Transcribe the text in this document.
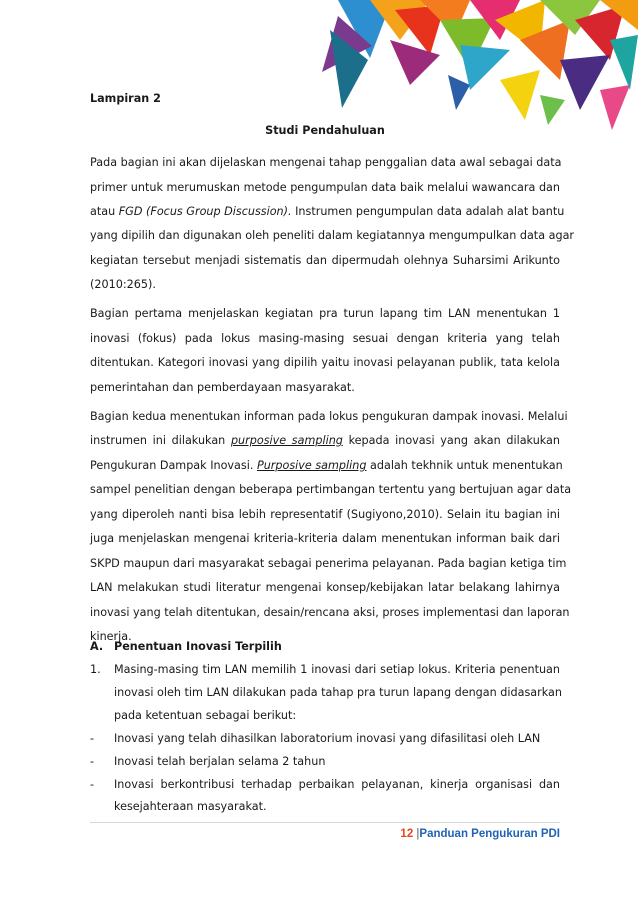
Lampiran 2
Studi Pendahuluan
Pada bagian ini akan dijelaskan mengenai tahap penggalian data awal sebagai data
primer untuk merumuskan metode pengumpulan data baik melalui wawancara dan
atau FGD (Focus Group Discussion). Instrumen pengumpulan data adalah alat bantu
yang dipilih dan digunakan oleh peneliti dalam kegiatannya mengumpulkan data agar
kegiatan tersebut menjadi sistematis dan dipermudah olehnya Suharsimi Arikunto
(2010:265).
Bagian pertama menjelaskan kegiatan pra turun lapang tim LAN menentukan 1
inovasi (fokus) pada lokus masing-masing sesuai dengan kriteria yang telah
ditentukan. Kategori inovasi yang dipilih yaitu inovasi pelayanan publik, tata kelola
pemerintahan dan pemberdayaan masyarakat.
Bagian kedua menentukan informan pada lokus pengukuran dampak inovasi. Melalui
instrumen ini dilakukan purposive sampling kepada inovasi yang akan dilakukan
Pengukuran Dampak Inovasi. Purposive sampling adalah tekhnik untuk menentukan
sampel penelitian dengan beberapa pertimbangan tertentu yang bertujuan agar data
yang diperoleh nanti bisa lebih representatif (Sugiyono,2010). Selain itu bagian ini
juga menjelaskan mengenai kriteria-kriteria dalam menentukan informan baik dari
SKPD maupun dari masyarakat sebagai penerima pelayanan. Pada bagian ketiga tim
LAN melakukan studi literatur mengenai konsep/kebijakan latar belakang lahirnya
inovasi yang telah ditentukan, desain/rencana aksi, proses implementasi dan laporan
kinerja.
A. Penentuan Inovasi Terpilih
1.	Masing-masing tim LAN memilih 1 inovasi dari setiap lokus. Kriteria penentuan
inovasi oleh tim LAN dilakukan pada tahap pra turun lapang dengan didasarkan
pada ketentuan sebagai berikut:
-	Inovasi yang telah dihasilkan laboratorium inovasi yang difasilitasi oleh LAN
-	Inovasi telah berjalan selama 2 tahun
-	Inovasi berkontribusi terhadap perbaikan pelayanan, kinerja organisasi dan
12 |Panduan Pengukuran PDI
kesejahteraan masyarakat.
